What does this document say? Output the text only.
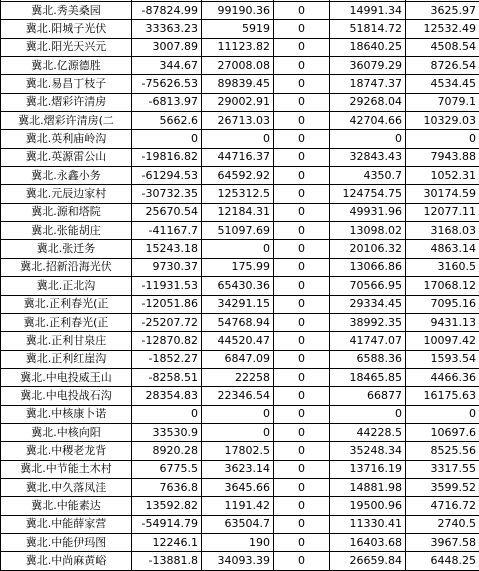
冀北.秀美桑园	-87824.99	99190.36	0	14991.34	3625.97
冀北.阳城子光伏	33363.23	5919	0	51814.72	12532.49
冀北.阳光天兴元	3007.89	11123.82	0	18640.25	4508.54
冀北.亿源德胜	344.67	27008.08	0	36079.29	8726.54
冀北.易昌丁枝子	-75626.53	89839.45	0	18747.37	4534.45
冀北.熠彩许清房	-6813.97	29002.91	0	29268.04	7079.1
冀北.熠彩许清房(二	5662.6	26713.03	0	42704.66	10329.03
冀北.英利庙岭沟	0	0	0	0	0
冀北.英源雷公山	-19816.82	44716.37	0	32843.43	7943.88
冀北.永鑫小务	-61294.53	64592.92	0	4350.7	1052.31
冀北.元辰边家村	-30732.35	125312.5	0	124754.75	30174.59
冀北.源和塔院	25670.54	12184.31	0	49931.96	12077.11
冀北.张能胡庄	-41167.7	51097.69	0	13098.02	3168.03
冀北.张迁务	15243.18	0	0	20106.32	4863.14
冀北.招新沿海光伏	9730.37	175.99	0	13066.86	3160.5
冀北.正北沟	-11931.53	65430.36	0	70566.95	17068.12
冀北.正利春光(正	-12051.86	34291.15	0	29334.45	7095.16
冀北.正利春光(正	-25207.72	54768.94	0	38992.35	9431.13
冀北.正利甘泉庄	-12870.82	44520.47	0	41747.07	10097.42
冀北.正利红崖沟	-1852.27	6847.09	0	6588.36	1593.54
冀北.中电投威王山	-8258.51	22258	0	18465.85	4466.36
冀北.中电投战石沟	28354.83	22346.54	0	66877	16175.63
冀北.中核康卜诺	0	0	0	0	0
冀北.中核向阳	33530.9	0	0	44228.5	10697.6
冀北.中稷老龙背	8920.28	17802.5	0	35248.34	8525.56
冀北.中节能土木村	6775.5	3623.14	0	13716.19	3317.55
冀北.中久落凤洼	7636.8	3645.66	0	14881.98	3599.52
冀北.中能素达	13592.82	1191.42	0	19500.96	4716.72
冀北.中能薛家营	-54914.79	63504.7	0	11330.41	2740.5
冀北.中能伊玛图	12246.1	190	0	16403.68	3967.58
冀北.中尚麻黄峪	-13881.8	34093.39	0	26659.84	6448.25
